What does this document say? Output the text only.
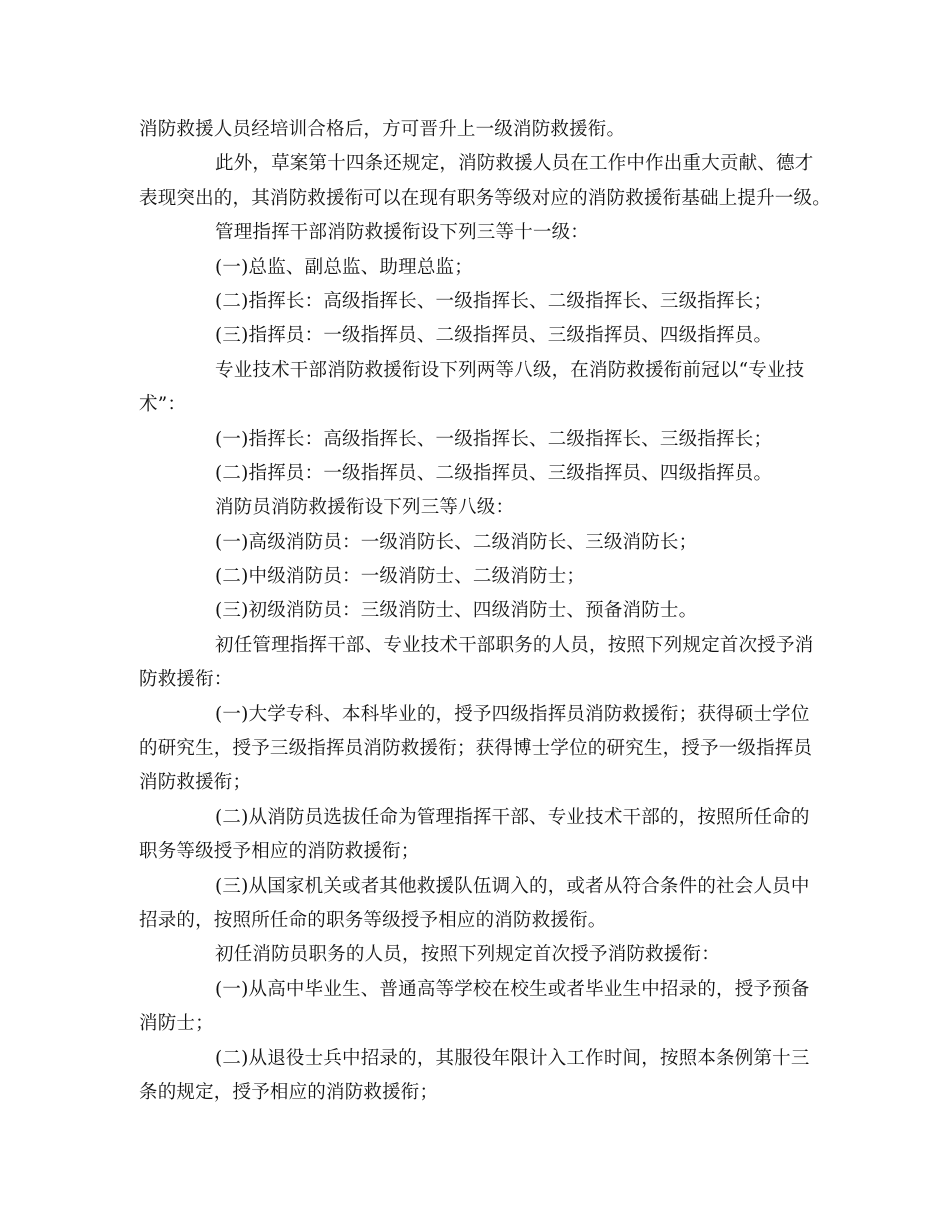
消防救援人员经培训合格后，方可晋升上一级消防救援衔。
此外，草案第十四条还规定，消防救援人员在工作中作出重大贡献、德才
表现突出的，其消防救援衔可以在现有职务等级对应的消防救援衔基础上提升一级。
管理指挥干部消防救援衔设下列三等十一级：
(一)总监、副总监、助理总监；
(二)指挥长：高级指挥长、一级指挥长、二级指挥长、三级指挥长；
(三)指挥员：一级指挥员、二级指挥员、三级指挥员、四级指挥员。
专业技术干部消防救援衔设下列两等八级，在消防救援衔前冠以“专业技
术”：
(一)指挥长：高级指挥长、一级指挥长、二级指挥长、三级指挥长；
(二)指挥员：一级指挥员、二级指挥员、三级指挥员、四级指挥员。
消防员消防救援衔设下列三等八级：
(一)高级消防员：一级消防长、二级消防长、三级消防长；
(二)中级消防员：一级消防士、二级消防士；
(三)初级消防员：三级消防士、四级消防士、预备消防士。
初任管理指挥干部、专业技术干部职务的人员，按照下列规定首次授予消
防救援衔：
(一)大学专科、本科毕业的，授予四级指挥员消防救援衔；获得硕士学位
的研究生，授予三级指挥员消防救援衔；获得博士学位的研究生，授予一级指挥员
消防救援衔；
(二)从消防员选拔任命为管理指挥干部、专业技术干部的，按照所任命的
职务等级授予相应的消防救援衔；
(三)从国家机关或者其他救援队伍调入的，或者从符合条件的社会人员中
招录的，按照所任命的职务等级授予相应的消防救援衔。
初任消防员职务的人员，按照下列规定首次授予消防救援衔：
(一)从高中毕业生、普通高等学校在校生或者毕业生中招录的，授予预备
消防士；
(二)从退役士兵中招录的，其服役年限计入工作时间，按照本条例第十三
条的规定，授予相应的消防救援衔；
